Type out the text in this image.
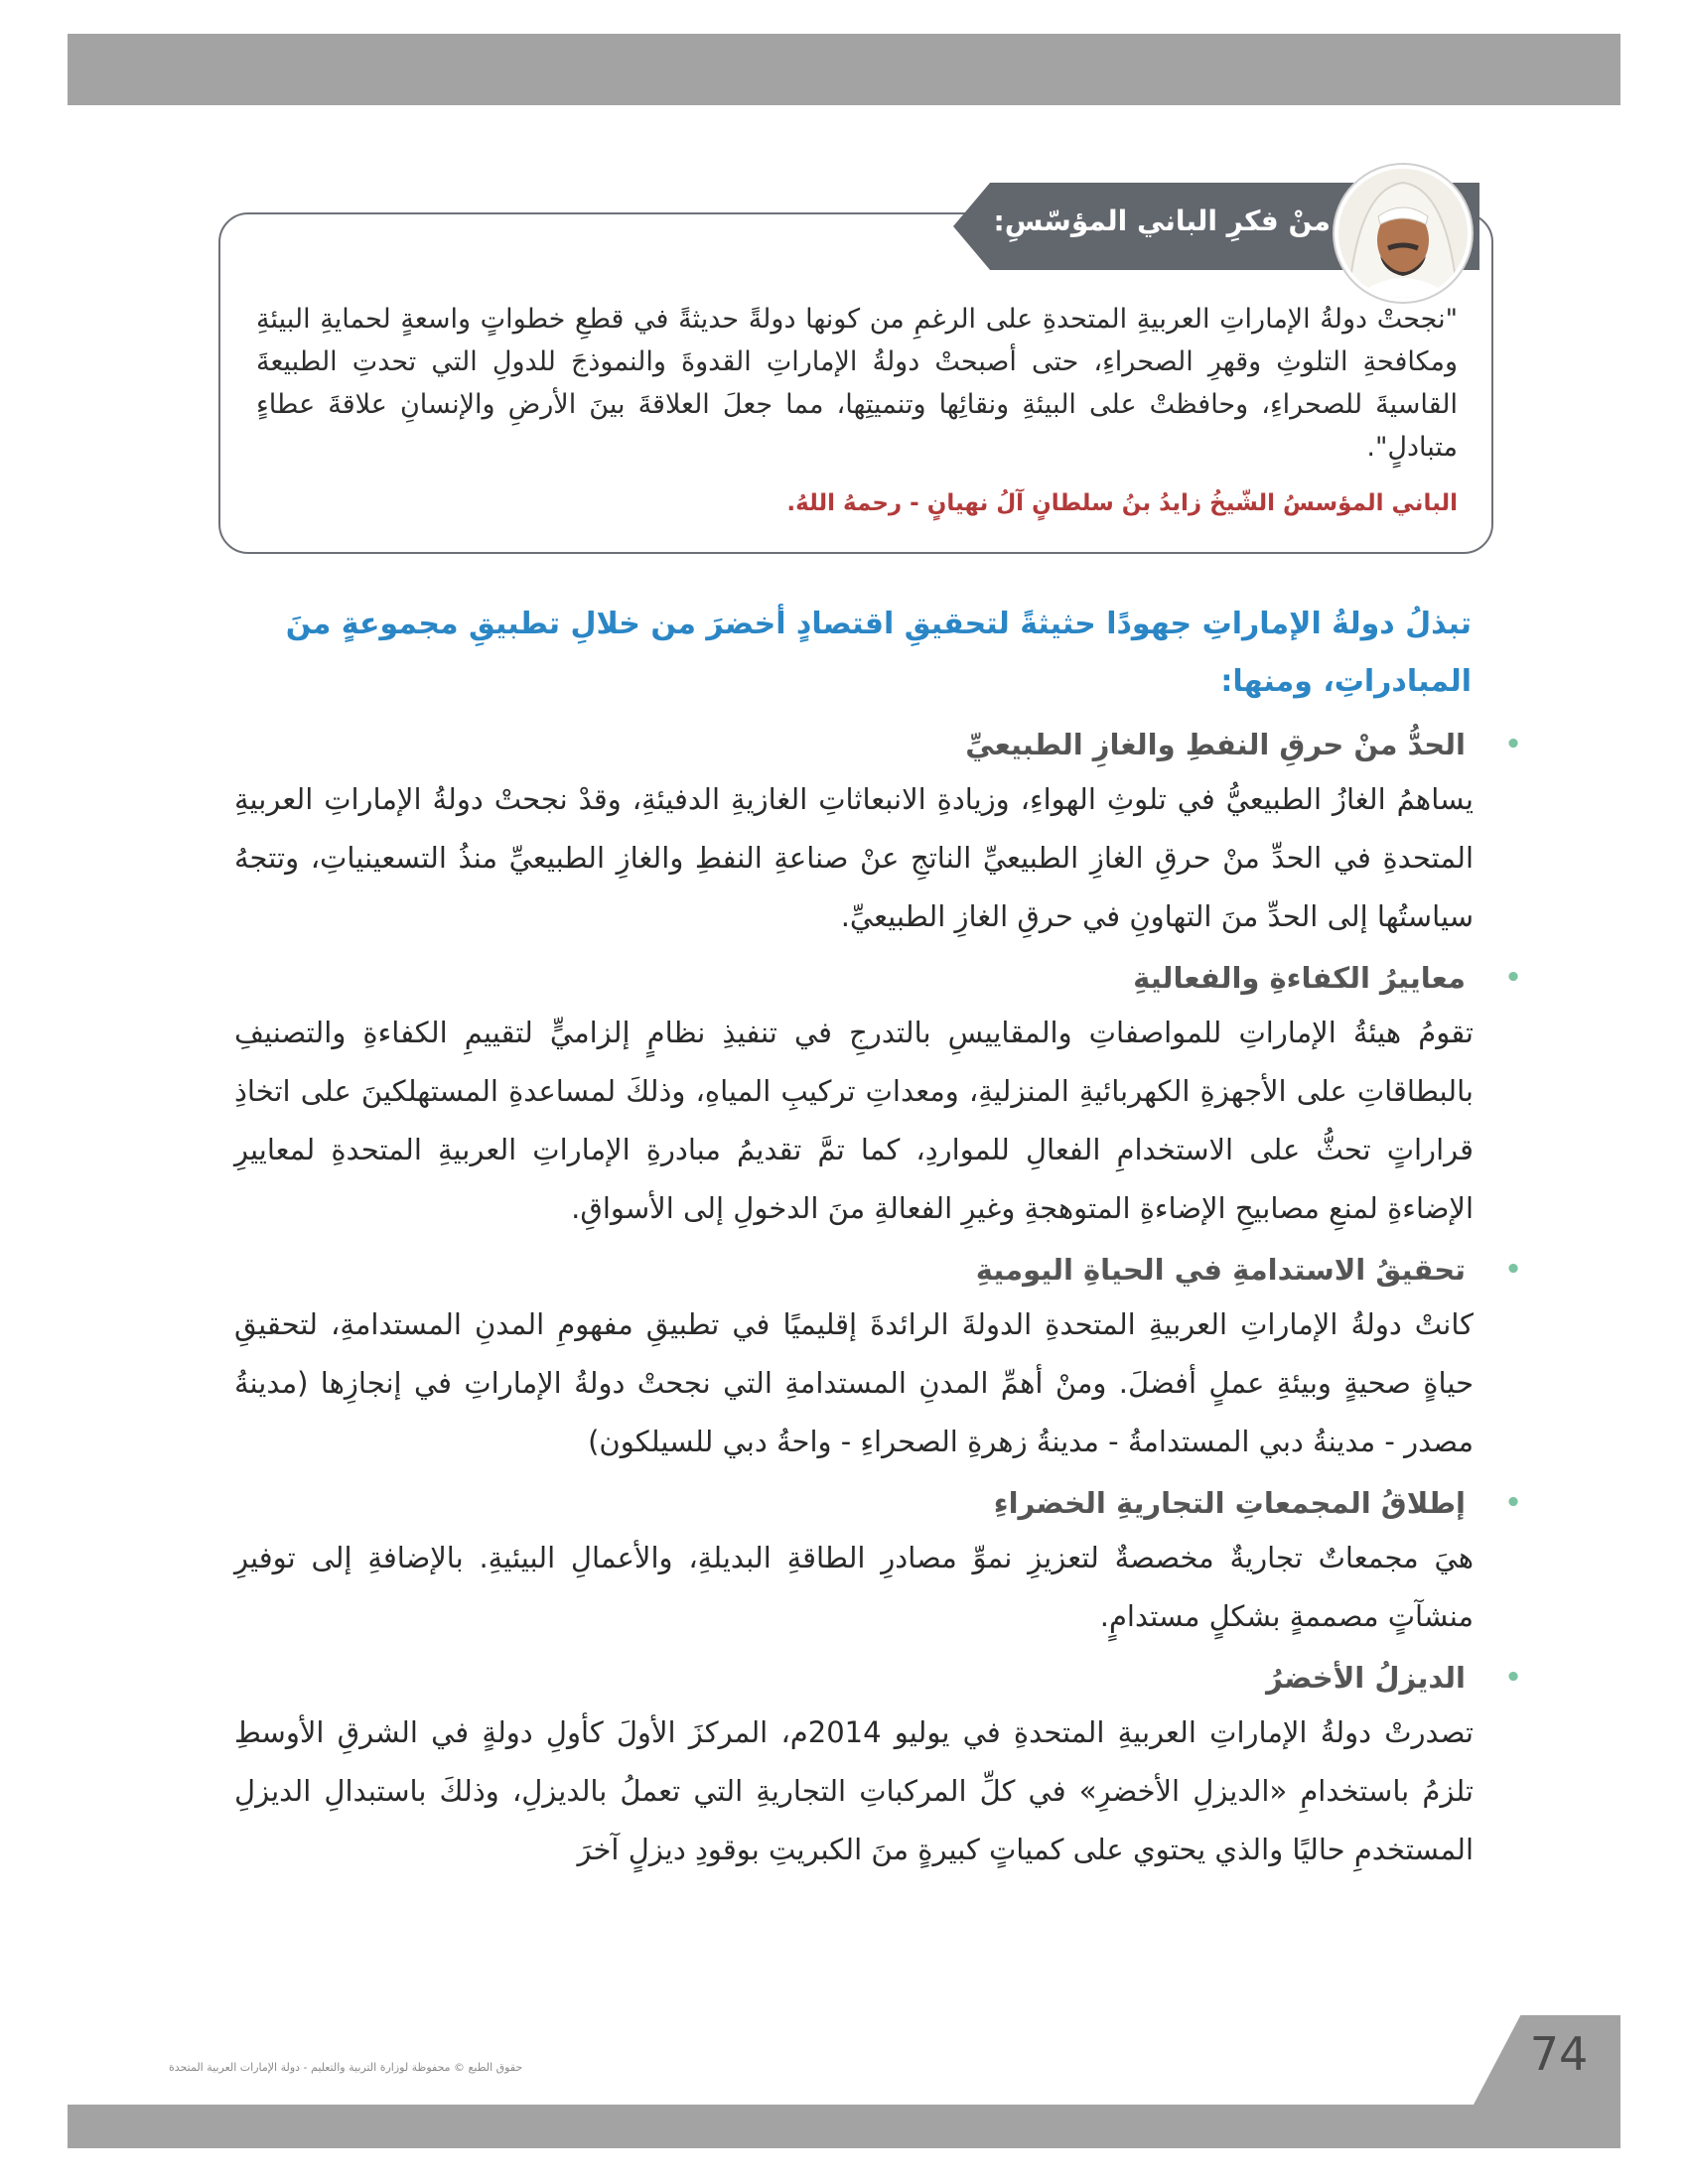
منْ فكرِ الباني المؤسّسِ:
"نجحتْ دولةُ الإماراتِ العربيةِ المتحدةِ على الرغمِ من كونها دولةً حديثةً في قطعِ خطواتٍ واسعةٍ لحمايةِ البيئةِ ومكافحةِ التلوثِ وقهرِ الصحراءِ، حتى أصبحتْ دولةُ الإماراتِ القدوةَ والنموذجَ للدولِ التي تحدتِ الطبيعةَ القاسيةَ للصحراءِ، وحافظتْ على البيئةِ ونقائِها وتنميتِها، مما جعلَ العلاقةَ بينَ الأرضِ والإنسانِ علاقةَ عطاءٍ متبادلٍ".
الباني المؤسسُ الشّيخُ زايدُ بنُ سلطانٍ آلُ نهيانٍ - رحمهُ اللهُ.
تبذلُ دولةُ الإماراتِ جهودًا حثيثةً لتحقيقِ اقتصادٍ أخضرَ من خلالِ تطبيقِ مجموعةٍ منَ المبادراتِ، ومنها:
•
الحدُّ منْ حرقِ النفطِ والغازِ الطبيعيِّ
يساهمُ الغازُ الطبيعيُّ في تلوثِ الهواءِ، وزيادةِ الانبعاثاتِ الغازيةِ الدفيئةِ، وقدْ نجحتْ دولةُ الإماراتِ العربيةِ المتحدةِ في الحدِّ منْ حرقِ الغازِ الطبيعيِّ الناتجِ عنْ صناعةِ النفطِ والغازِ الطبيعيِّ منذُ التسعينياتِ، وتتجهُ سياستُها إلى الحدِّ منَ التهاونِ في حرقِ الغازِ الطبيعيِّ.
•
معاييرُ الكفاءةِ والفعاليةِ
تقومُ هيئةُ الإماراتِ للمواصفاتِ والمقاييسِ بالتدرجِ في تنفيذِ نظامٍ إلزاميٍّ لتقييمِ الكفاءةِ والتصنيفِ بالبطاقاتِ على الأجهزةِ الكهربائيةِ المنزليةِ، ومعداتِ تركيبِ المياهِ، وذلكَ لمساعدةِ المستهلكينَ على اتخاذِ قراراتٍ تحثُّ على الاستخدامِ الفعالِ للمواردِ، كما تمَّ تقديمُ مبادرةِ الإماراتِ العربيةِ المتحدةِ لمعاييرِ الإضاءةِ لمنعِ مصابيحِ الإضاءةِ المتوهجةِ وغيرِ الفعالةِ منَ الدخولِ إلى الأسواقِ.
•
تحقيقُ الاستدامةِ في الحياةِ اليوميةِ
كانتْ دولةُ الإماراتِ العربيةِ المتحدةِ الدولةَ الرائدةَ إقليميًا في تطبيقِ مفهومِ المدنِ المستدامةِ، لتحقيقِ حياةٍ صحيةٍ وبيئةِ عملٍ أفضلَ. ومنْ أهمِّ المدنِ المستدامةِ التي نجحتْ دولةُ الإماراتِ في إنجازِها (مدينةُ مصدر - مدينةُ دبي المستدامةُ - مدينةُ زهرةِ الصحراءِ - واحةُ دبي للسيلكون)
•
إطلاقُ المجمعاتِ التجاريةِ الخضراءِ
هيَ مجمعاتٌ تجاريةٌ مخصصةٌ لتعزيزِ نموِّ مصادرِ الطاقةِ البديلةِ، والأعمالِ البيئيةِ. بالإضافةِ إلى توفيرِ منشآتٍ مصممةٍ بشكلٍ مستدامٍ.
•
الديزلُ الأخضرُ
تصدرتْ دولةُ الإماراتِ العربيةِ المتحدةِ في يوليو 2014م، المركزَ الأولَ كأولِ دولةٍ في الشرقِ الأوسطِ تلزمُ باستخدامِ «الديزلِ الأخضرِ» في كلِّ المركباتِ التجاريةِ التي تعملُ بالديزلِ، وذلكَ باستبدالِ الديزلِ المستخدمِ حاليًا والذي يحتوي على كمياتٍ كبيرةٍ منَ الكبريتِ بوقودِ ديزلٍ آخرَ
حقوق الطبع © محفوظة لوزارة التربية والتعليم - دولة الإمارات العربية المتحدة	74
